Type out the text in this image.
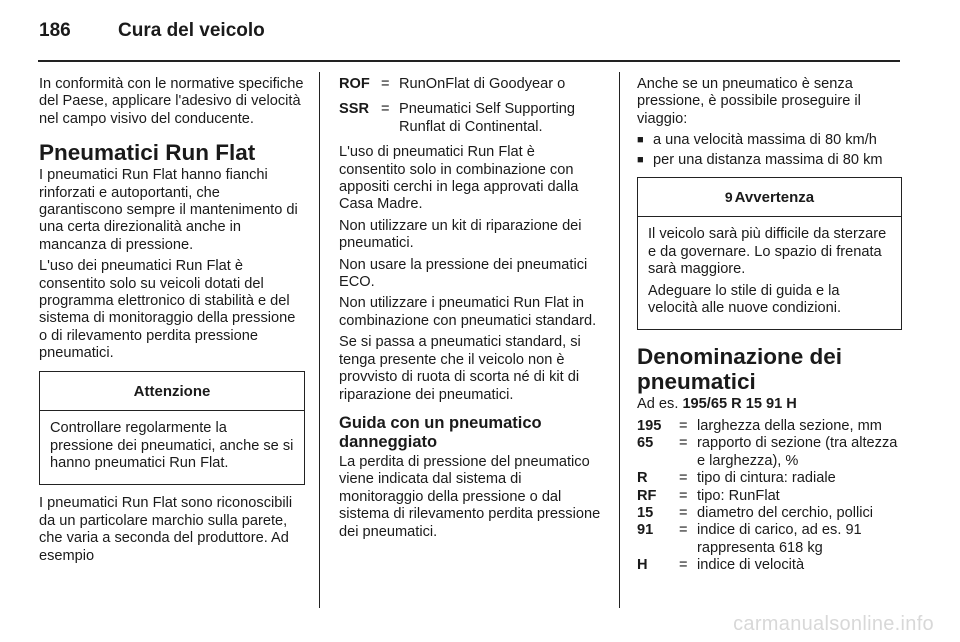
186 Cura del veicolo

In conformità con le normative specifiche del Paese, applicare l'adesivo di velocità nel campo visivo del conducente.

Pneumatici Run Flat

I pneumatici Run Flat hanno fianchi rinforzati e autoportanti, che garantiscono sempre il mantenimento di una certa direzionalità anche in mancanza di pressione.

L'uso dei pneumatici Run Flat è consentito solo su veicoli dotati del programma elettronico di stabilità e del sistema di monitoraggio della pressione o di rilevamento perdita pressione pneumatici.

Attenzione

Controllare regolarmente la pressione dei pneumatici, anche se si hanno pneumatici Run Flat.

I pneumatici Run Flat sono riconoscibili da un particolare marchio sulla parete, che varia a seconda del produttore. Ad esempio

ROF	=	RunOnFlat di Goodyear o
SSR	=	Pneumatici Self Supporting Runflat di Continental.

L'uso di pneumatici Run Flat è consentito solo in combinazione con appositi cerchi in lega approvati dalla Casa Madre.

Non utilizzare un kit di riparazione dei pneumatici.

Non usare la pressione dei pneumatici ECO.

Non utilizzare i pneumatici Run Flat in combinazione con pneumatici standard.

Se si passa a pneumatici standard, si tenga presente che il veicolo non è provvisto di ruota di scorta né di kit di riparazione dei pneumatici.

Guida con un pneumatico danneggiato

La perdita di pressione del pneumatico viene indicata dal sistema di monitoraggio della pressione o dal sistema di rilevamento perdita pressione dei pneumatici.

Anche se un pneumatico è senza pressione, è possibile proseguire il viaggio:

■ a una velocità massima di 80 km/h
■ per una distanza massima di 80 km
9 Avvertenza

Il veicolo sarà più difficile da sterzare e da governare. Lo spazio di frenata sarà maggiore.

Adeguare lo stile di guida e la velocità alle nuove condizioni.

Denominazione dei pneumatici

Ad es. 195/65 R 15 91 H

195	=	larghezza della sezione, mm
65	=	rapporto di sezione (tra altezza e larghezza), %
R	=	tipo di cintura: radiale
RF	=	tipo: RunFlat
15	=	diametro del cerchio, pollici
91	=	indice di carico, ad es. 91 rappresenta 618 kg
H	=	indice di velocità
carmanualsonline.info
